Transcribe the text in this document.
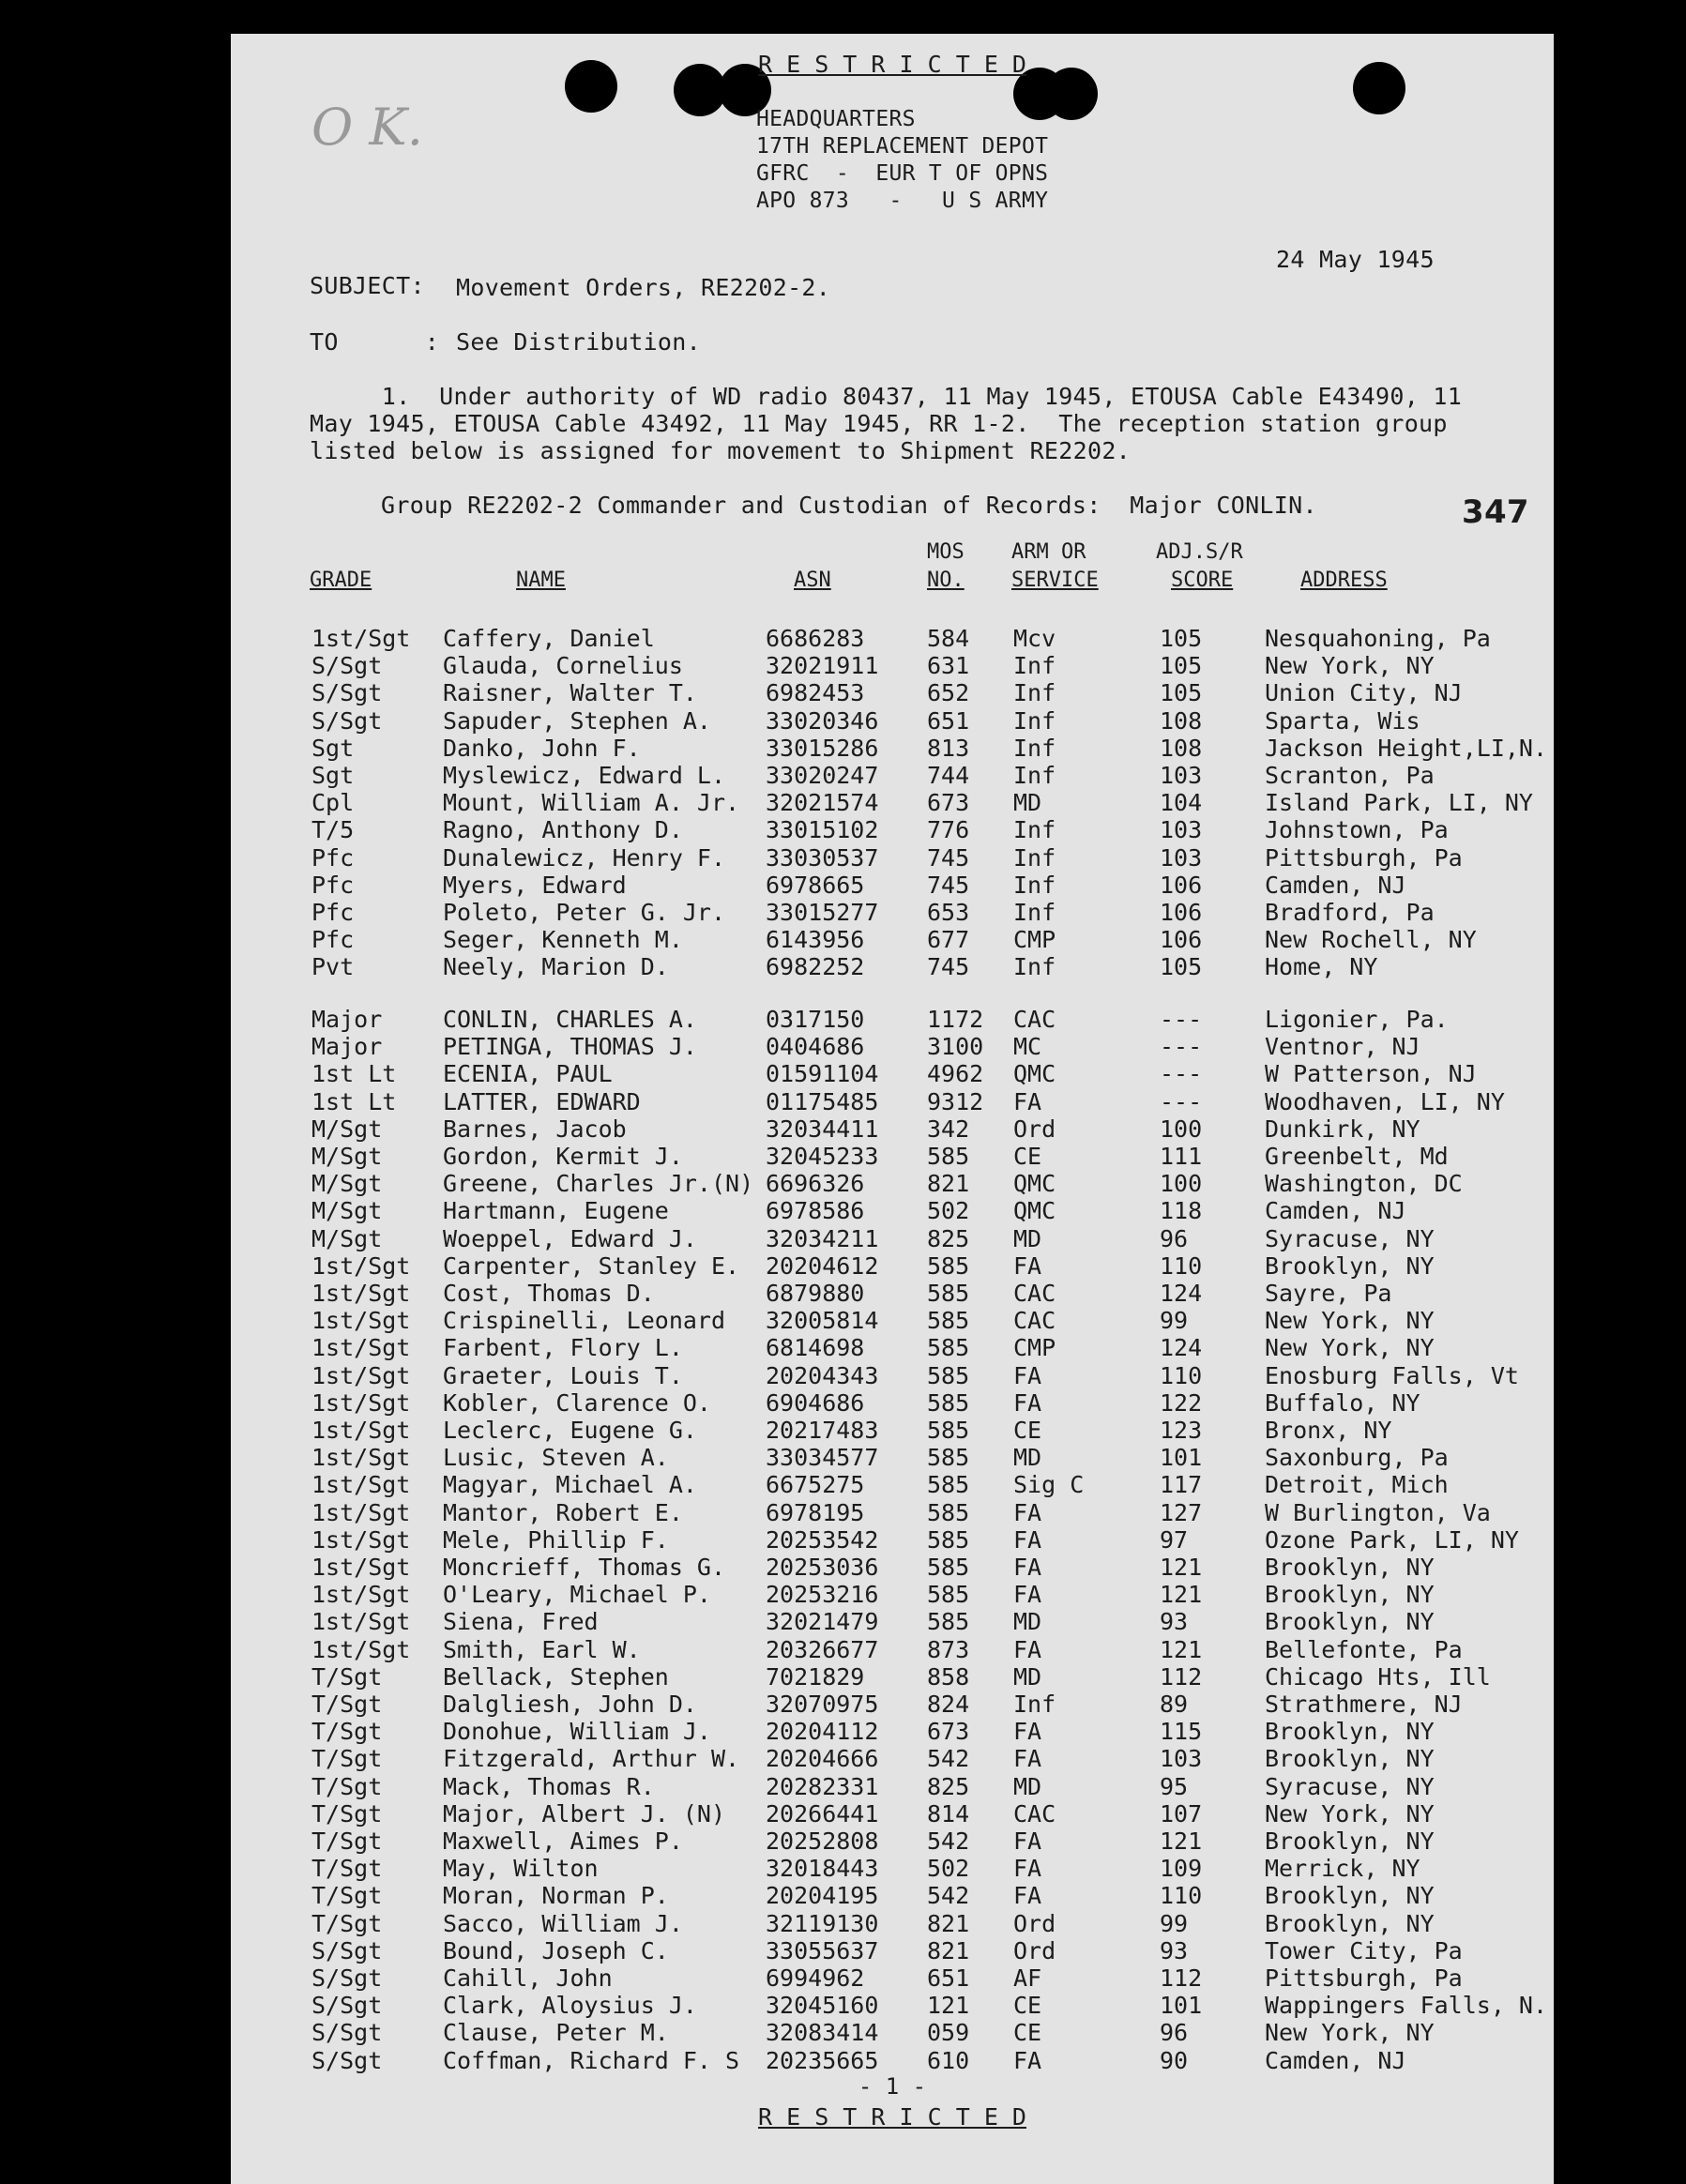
O K.
R E S T R I C T E D
HEADQUARTERS
17TH REPLACEMENT DEPOT
GFRC  -  EUR T OF OPNS
APO 873   -   U S ARMY
24 May 1945
SUBJECT: Movement Orders, RE2202-2.
TO      : See Distribution.
1.  Under authority of WD radio 80437, 11 May 1945, ETOUSA Cable E43490, 11
May 1945, ETOUSA Cable 43492, 11 May 1945, RR 1-2.  The reception station group
listed below is assigned for movement to Shipment RE2202.
Group RE2202-2 Commander and Custodian of Records:  Major CONLIN.	347
MOS ARM OR	ADJ.S/R
GRADE	NAME	ASN	NO. SERVICE	SCORE	ADDRESS
1st/Sgt Caffery, Daniel	6686283	584 Mcv	105	Nesquahoning, Pa
S/Sgt	Glauda, Cornelius	32021911 631 Inf	105	New York, NY
S/Sgt	Raisner, Walter T.	6982453	652 Inf	105	Union City, NJ
S/Sgt	Sapuder, Stephen A. 33020346 651 Inf	108	Sparta, Wis
Sgt	Danko, John F.	33015286 813 Inf	108	Jackson Height,LI,N.
Sgt	Myslewicz, Edward L. 33020247 744 Inf	103	Scranton, Pa
Cpl	Mount, William A. Jr. 32021574 673 MD	104	Island Park, LI, NY
T/5	Ragno, Anthony D.	33015102 776 Inf	103	Johnstown, Pa
Pfc	Dunalewicz, Henry F. 33030537 745 Inf	103	Pittsburgh, Pa
Pfc	Myers, Edward	6978665	745 Inf	106	Camden, NJ
Pfc	Poleto, Peter G. Jr. 33015277 653 Inf	106	Bradford, Pa
Pfc	Seger, Kenneth M.	6143956	677 CMP	106	New Rochell, NY
Pvt	Neely, Marion D.	6982252	745 Inf	105	Home, NY
Major	CONLIN, CHARLES A.	0317150	1172 CAC	---	Ligonier, Pa.
Major	PETINGA, THOMAS J.	0404686	3100 MC	---	Ventnor, NJ
1st Lt ECENIA, PAUL	01591104 4962 QMC	---	W Patterson, NJ
1st Lt LATTER, EDWARD	01175485 9312 FA	---	Woodhaven, LI, NY
M/Sgt	Barnes, Jacob	32034411 342 Ord	100	Dunkirk, NY
M/Sgt	Gordon, Kermit J.	32045233 585 CE	111	Greenbelt, Md
M/Sgt	Greene, Charles Jr.(N) 6696326	821 QMC	100	Washington, DC
M/Sgt	Hartmann, Eugene	6978586	502 QMC	118	Camden, NJ
M/Sgt	Woeppel, Edward J.	32034211 825 MD	96	Syracuse, NY
1st/Sgt Carpenter, Stanley E. 20204612 585 FA	110	Brooklyn, NY
1st/Sgt Cost, Thomas D.	6879880	585 CAC	124	Sayre, Pa
1st/Sgt Crispinelli, Leonard 32005814 585 CAC	99	New York, NY
1st/Sgt Farbent, Flory L.	6814698	585 CMP	124	New York, NY
1st/Sgt Graeter, Louis T.	20204343 585 FA	110	Enosburg Falls, Vt
1st/Sgt Kobler, Clarence O. 6904686	585 FA	122	Buffalo, NY
1st/Sgt Leclerc, Eugene G.	20217483 585 CE	123	Bronx, NY
1st/Sgt Lusic, Steven A.	33034577 585 MD	101	Saxonburg, Pa
1st/Sgt Magyar, Michael A.	6675275	585 Sig C	117	Detroit, Mich
1st/Sgt Mantor, Robert E.	6978195	585 FA	127	W Burlington, Va
1st/Sgt Mele, Phillip F.	20253542 585 FA	97	Ozone Park, LI, NY
1st/Sgt Moncrieff, Thomas G. 20253036 585 FA	121	Brooklyn, NY
1st/Sgt O'Leary, Michael P. 20253216 585 FA	121	Brooklyn, NY
1st/Sgt Siena, Fred	32021479 585 MD	93	Brooklyn, NY
1st/Sgt Smith, Earl W.	20326677 873 FA	121	Bellefonte, Pa
T/Sgt	Bellack, Stephen	7021829	858 MD	112	Chicago Hts, Ill
T/Sgt	Dalgliesh, John D.	32070975 824 Inf	89	Strathmere, NJ
T/Sgt	Donohue, William J. 20204112 673 FA	115	Brooklyn, NY
T/Sgt	Fitzgerald, Arthur W. 20204666 542 FA	103	Brooklyn, NY
T/Sgt	Mack, Thomas R.	20282331 825 MD	95	Syracuse, NY
T/Sgt	Major, Albert J. (N) 20266441 814 CAC	107	New York, NY
T/Sgt	Maxwell, Aimes P.	20252808 542 FA	121	Brooklyn, NY
T/Sgt	May, Wilton	32018443 502 FA	109	Merrick, NY
T/Sgt	Moran, Norman P.	20204195 542 FA	110	Brooklyn, NY
T/Sgt	Sacco, William J.	32119130 821 Ord	99	Brooklyn, NY
S/Sgt	Bound, Joseph C.	33055637 821 Ord	93	Tower City, Pa
S/Sgt	Cahill, John	6994962	651 AF	112	Pittsburgh, Pa
S/Sgt	Clark, Aloysius J.	32045160 121 CE	101	Wappingers Falls, N.
S/Sgt	Clause, Peter M.	32083414 059 CE	96	New York, NY
S/Sgt	Coffman, Richard F. S 20235665 610 FA	90	Camden, NJ
- 1 -
R E S T R I C T E D
